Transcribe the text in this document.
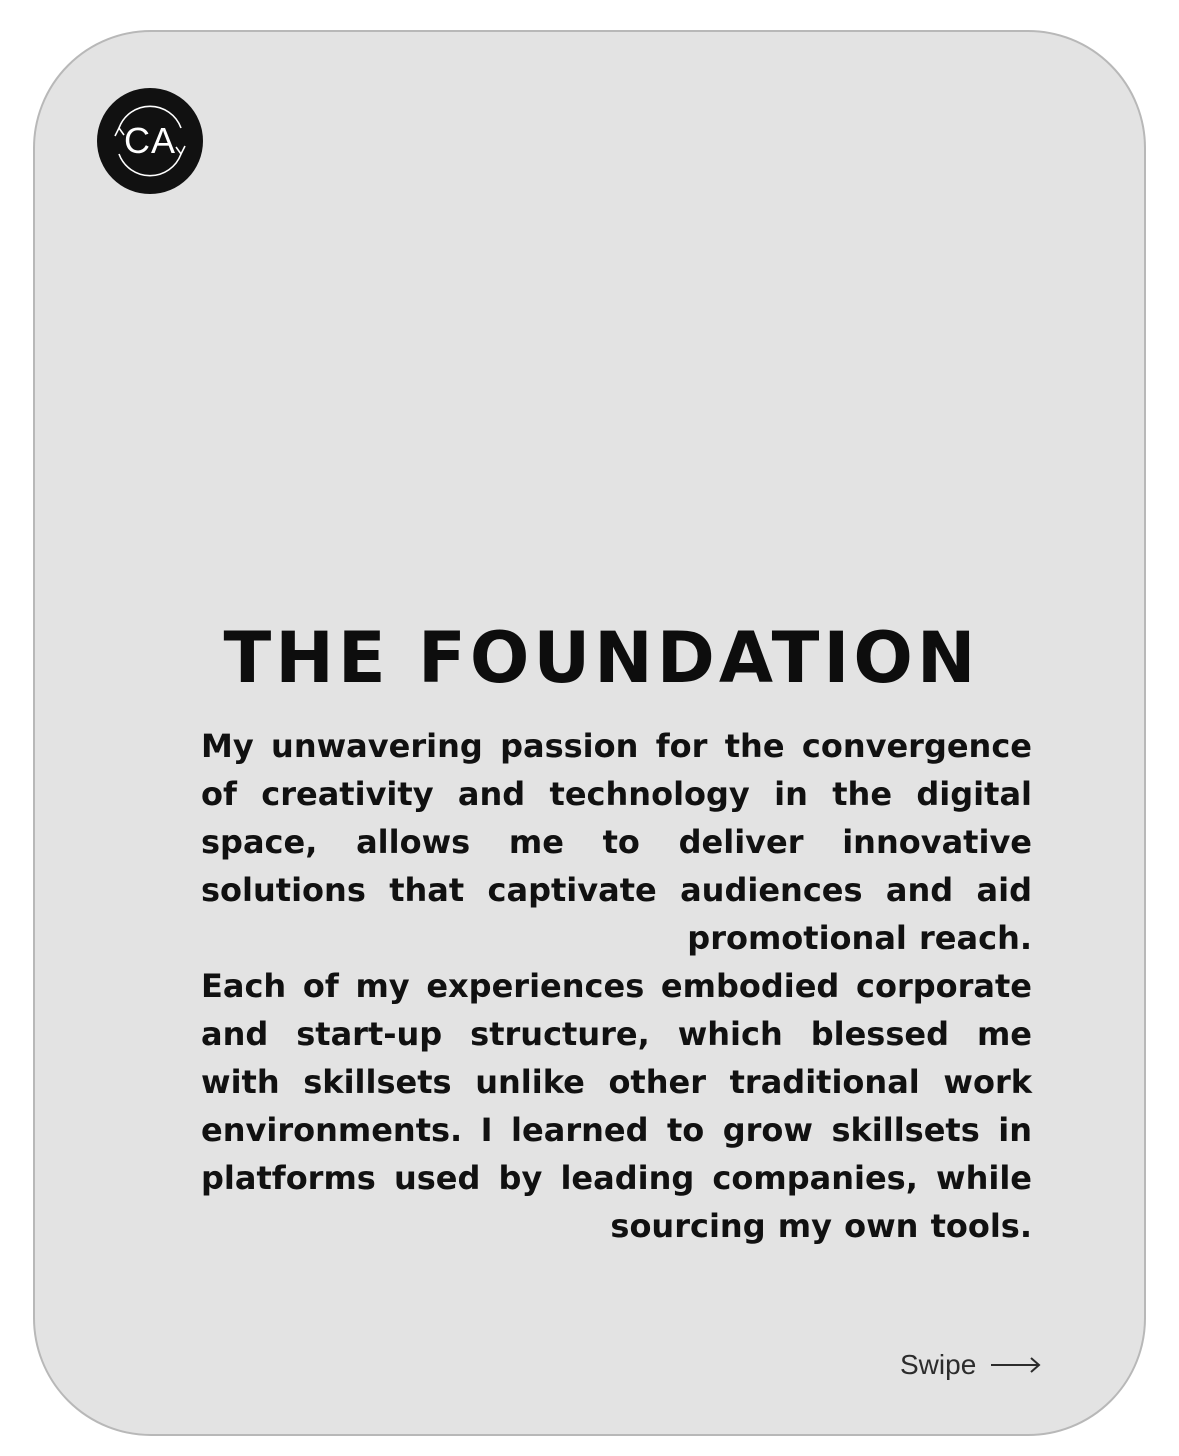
CA
THE FOUNDATION

My unwavering passion for the convergence of creativity and technology in the digital space, allows me to deliver innovative solutions that captivate audiences and aid promotional reach.

Each of my experiences embodied corporate and start-up structure, which blessed me with skillsets unlike other traditional work environments. I learned to grow skillsets in platforms used by leading companies, while sourcing my own tools.

Swipe
